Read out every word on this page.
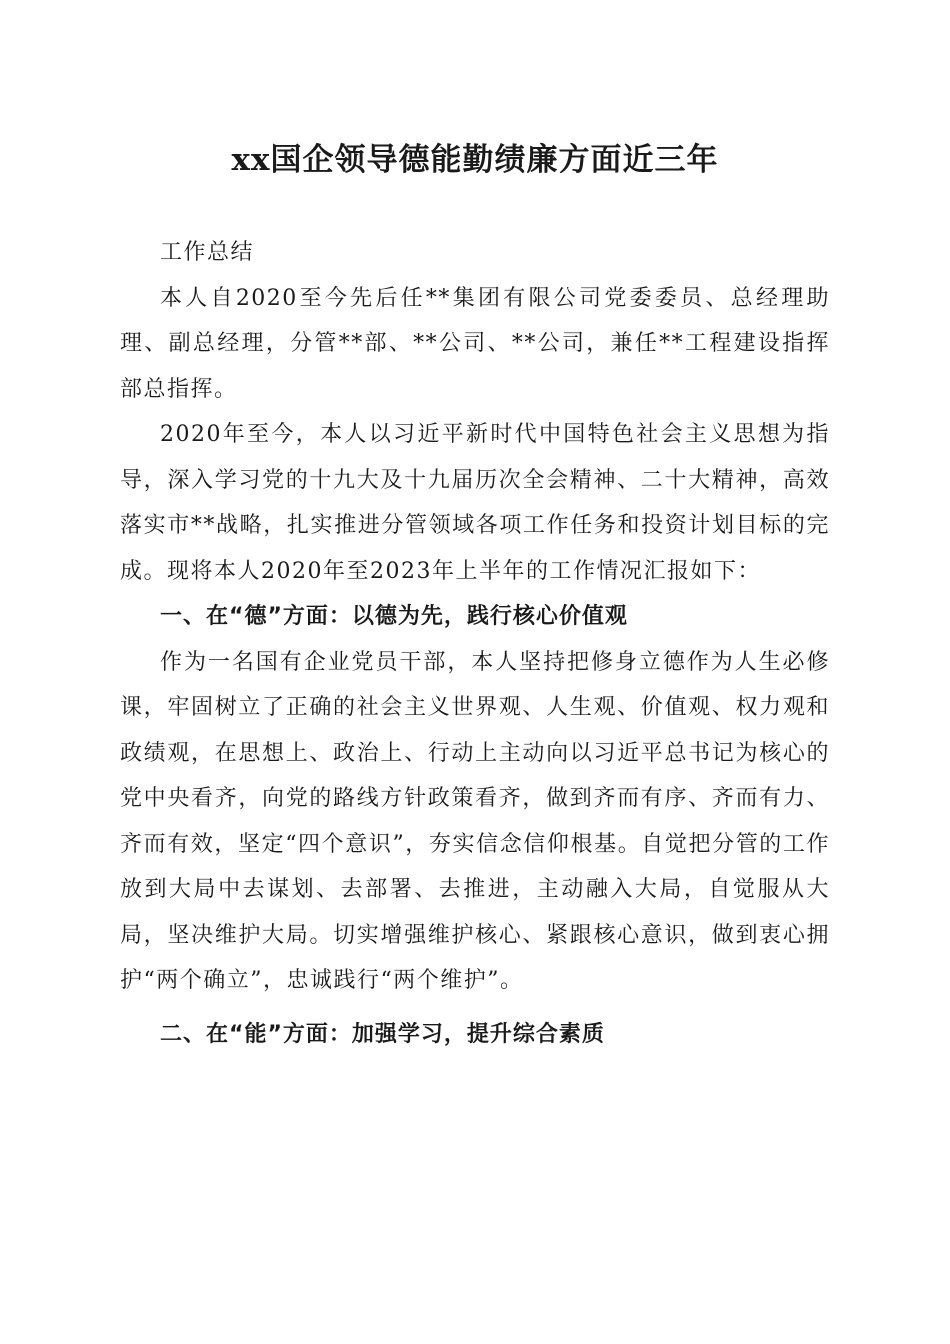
xx国企领导德能勤绩廉方面近三年

工作总结

本人自2020至今先后任**集团有限公司党委委员、总经理助理、副总经理，分管**部、**公司、**公司，兼任**工程建设指挥部总指挥。

2020年至今，本人以习近平新时代中国特色社会主义思想为指导，深入学习党的十九大及十九届历次全会精神、二十大精神，高效落实市**战略，扎实推进分管领域各项工作任务和投资计划目标的完成。现将本人2020年至2023年上半年的工作情况汇报如下：

一、在“德”方面：以德为先，践行核心价值观

作为一名国有企业党员干部，本人坚持把修身立德作为人生必修课，牢固树立了正确的社会主义世界观、人生观、价值观、权力观和政绩观，在思想上、政治上、行动上主动向以习近平总书记为核心的党中央看齐，向党的路线方针政策看齐，做到齐而有序、齐而有力、齐而有效，坚定“四个意识”，夯实信念信仰根基。自觉把分管的工作放到大局中去谋划、去部署、去推进，主动融入大局，自觉服从大局，坚决维护大局。切实增强维护核心、紧跟核心意识，做到衷心拥护“两个确立”，忠诚践行“两个维护”。

二、在“能”方面：加强学习，提升综合素质
